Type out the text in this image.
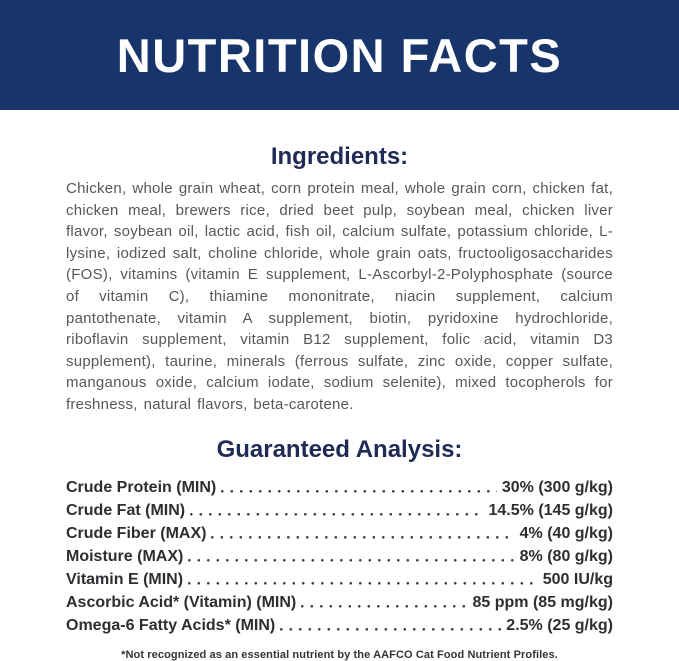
NUTRITION FACTS
Ingredients:
Chicken, whole grain wheat, corn protein meal, whole grain corn, chicken fat, chicken meal, brewers rice, dried beet pulp, soybean meal, chicken liver flavor, soybean oil, lactic acid, fish oil, calcium sulfate, potassium chloride, L-lysine, iodized salt, choline chloride, whole grain oats, fructooligosaccharides (FOS), vitamins (vitamin E supplement, L-Ascorbyl-2-Polyphosphate (source of vitamin C), thiamine mononitrate, niacin supplement, calcium pantothenate, vitamin A supplement, biotin, pyridoxine hydrochloride, riboflavin supplement, vitamin B12 supplement, folic acid, vitamin D3 supplement), taurine, minerals (ferrous sulfate, zinc oxide, copper sulfate, manganous oxide, calcium iodate, sodium selenite), mixed tocopherols for freshness, natural flavors, beta-carotene.
Guaranteed Analysis:
Crude Protein (MIN)	30% (300 g/kg)
Crude Fat (MIN)	14.5% (145 g/kg)
Crude Fiber (MAX)	4% (40 g/kg)
Moisture (MAX)	8% (80 g/kg)
Vitamin E (MIN)	500 IU/kg
Ascorbic Acid* (Vitamin) (MIN)	85 ppm (85 mg/kg)
Omega-6 Fatty Acids* (MIN)	2.5% (25 g/kg)
*Not recognized as an essential nutrient by the AAFCO Cat Food Nutrient Profiles.
